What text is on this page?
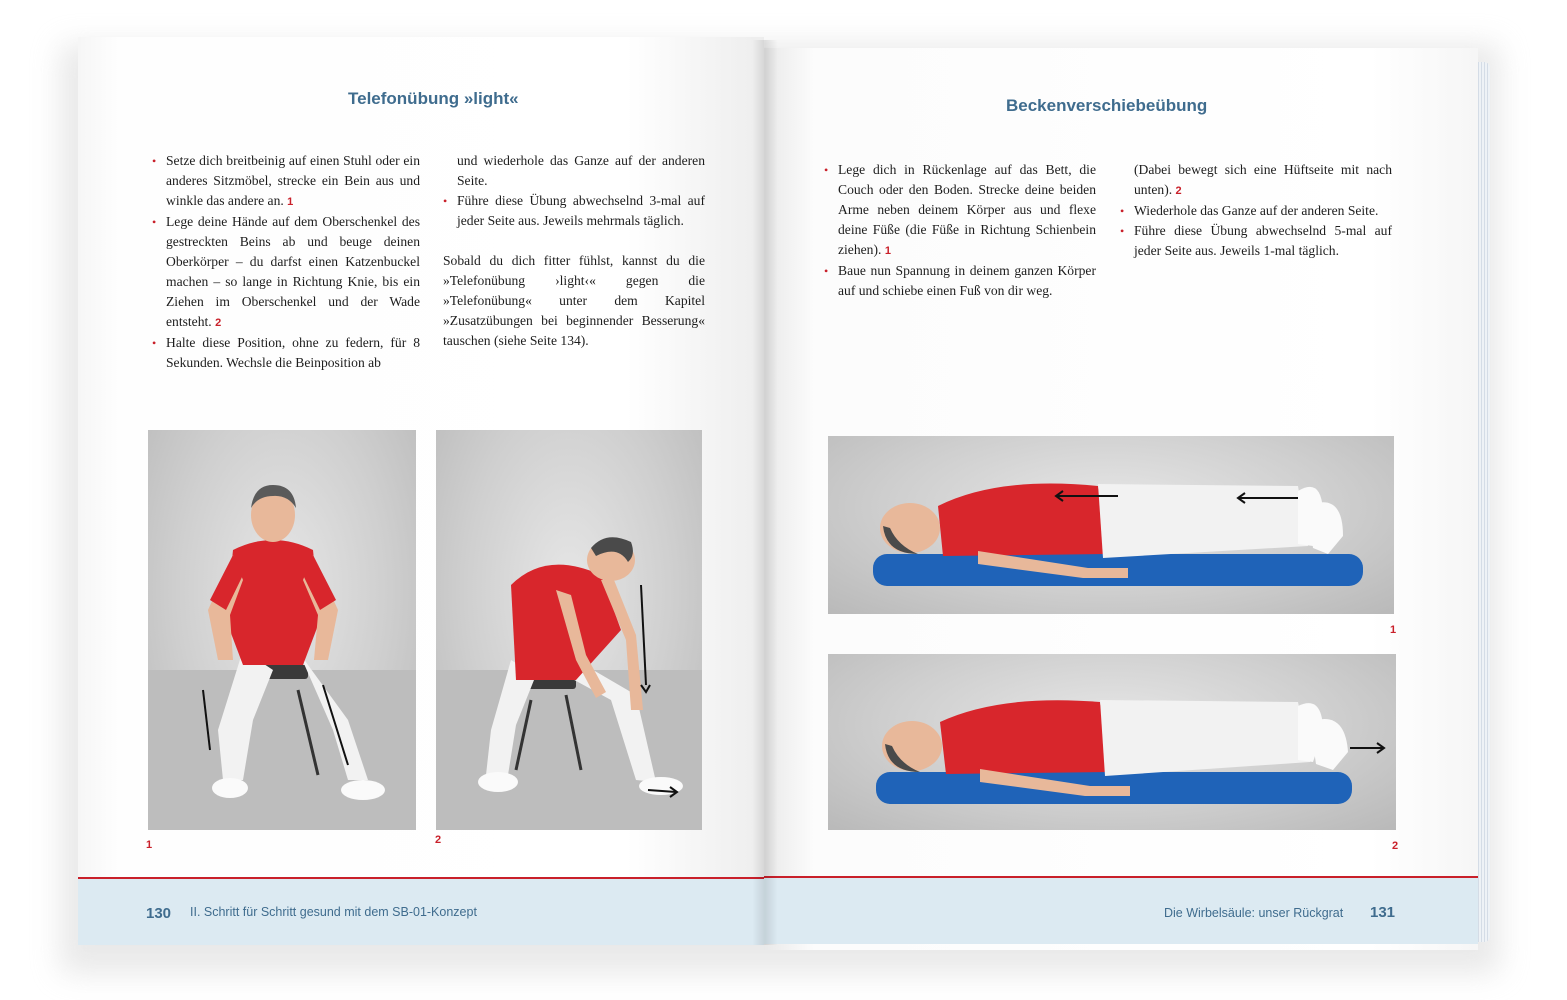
Telefonübung »light«
• Setze dich breitbeinig auf einen Stuhl oder ein anderes Sitzmöbel, strecke ein Bein aus und winkle das andere an. 1
• Lege deine Hände auf dem Oberschenkel des gestreckten Beins ab und beuge deinen Oberkörper – du darfst einen Katzenbuckel machen – so lange in Richtung Knie, bis ein Ziehen im Oberschenkel und der Wade entsteht. 2
• Halte diese Position, ohne zu federn, für 8 Sekunden. Wechsle die Beinposition ab

und wiederhole das Ganze auf der anderen Seite.

• Führe diese Übung abwechselnd 3-mal auf jeder Seite aus. Jeweils mehrmals täglich.

Sobald du dich fitter fühlst, kannst du die »Telefonübung ›light‹« gegen die »Telefonübung« unter dem Kapitel »Zusatzübungen bei beginnender Besserung« tauschen (siehe Seite 134).

1	2
130 II. Schritt für Schritt gesund mit dem SB-01-Konzept
Beckenverschiebeübung
• Lege dich in Rückenlage auf das Bett, die Couch oder den Boden. Strecke deine beiden Arme neben deinem Körper aus und flexe deine Füße (die Füße in Richtung Schienbein ziehen). 1
• Baue nun Spannung in deinem ganzen Körper auf und schiebe einen Fuß von dir weg.

(Dabei bewegt sich eine Hüftseite mit nach unten). 2

• Wiederhole das Ganze auf der anderen Seite.
• Führe diese Übung abwechselnd 5-mal auf jeder Seite aus. Jeweils 1-mal täglich.
1
2
Die Wirbelsäule: unser Rückgrat 131
